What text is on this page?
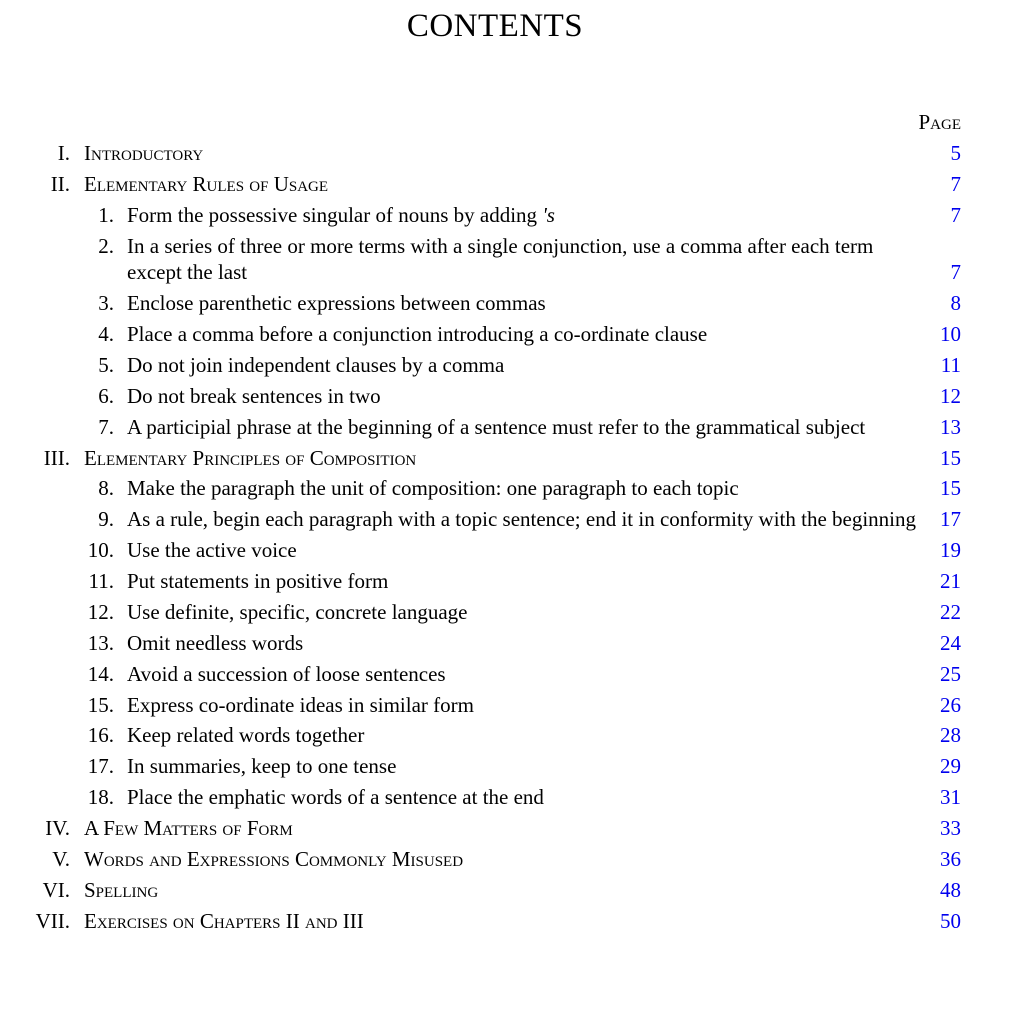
CONTENTS
Page
I. Introductory	5
II. Elementary Rules of Usage	7
1. Form the possessive singular of nouns by adding 's	7
2. In a series of three or more terms with a single conjunction, use a comma after each term except the last	7
3. Enclose parenthetic expressions between commas	8
4. Place a comma before a conjunction introducing a co-ordinate clause	10
5. Do not join independent clauses by a comma	11
6. Do not break sentences in two	12
7. A participial phrase at the beginning of a sentence must refer to the grammatical subject	13
III. Elementary Principles of Composition	15
8. Make the paragraph the unit of composition: one paragraph to each topic	15
9. As a rule, begin each paragraph with a topic sentence; end it in conformity with the beginning 17
10. Use the active voice	19
11. Put statements in positive form	21
12. Use definite, specific, concrete language	22
13. Omit needless words	24
14. Avoid a succession of loose sentences	25
15. Express co-ordinate ideas in similar form	26
16. Keep related words together	28
17. In summaries, keep to one tense	29
18. Place the emphatic words of a sentence at the end	31
IV. A Few Matters of Form	33
V. Words and Expressions Commonly Misused	36
VI. Spelling	48
VII. Exercises on Chapters II and III	50
